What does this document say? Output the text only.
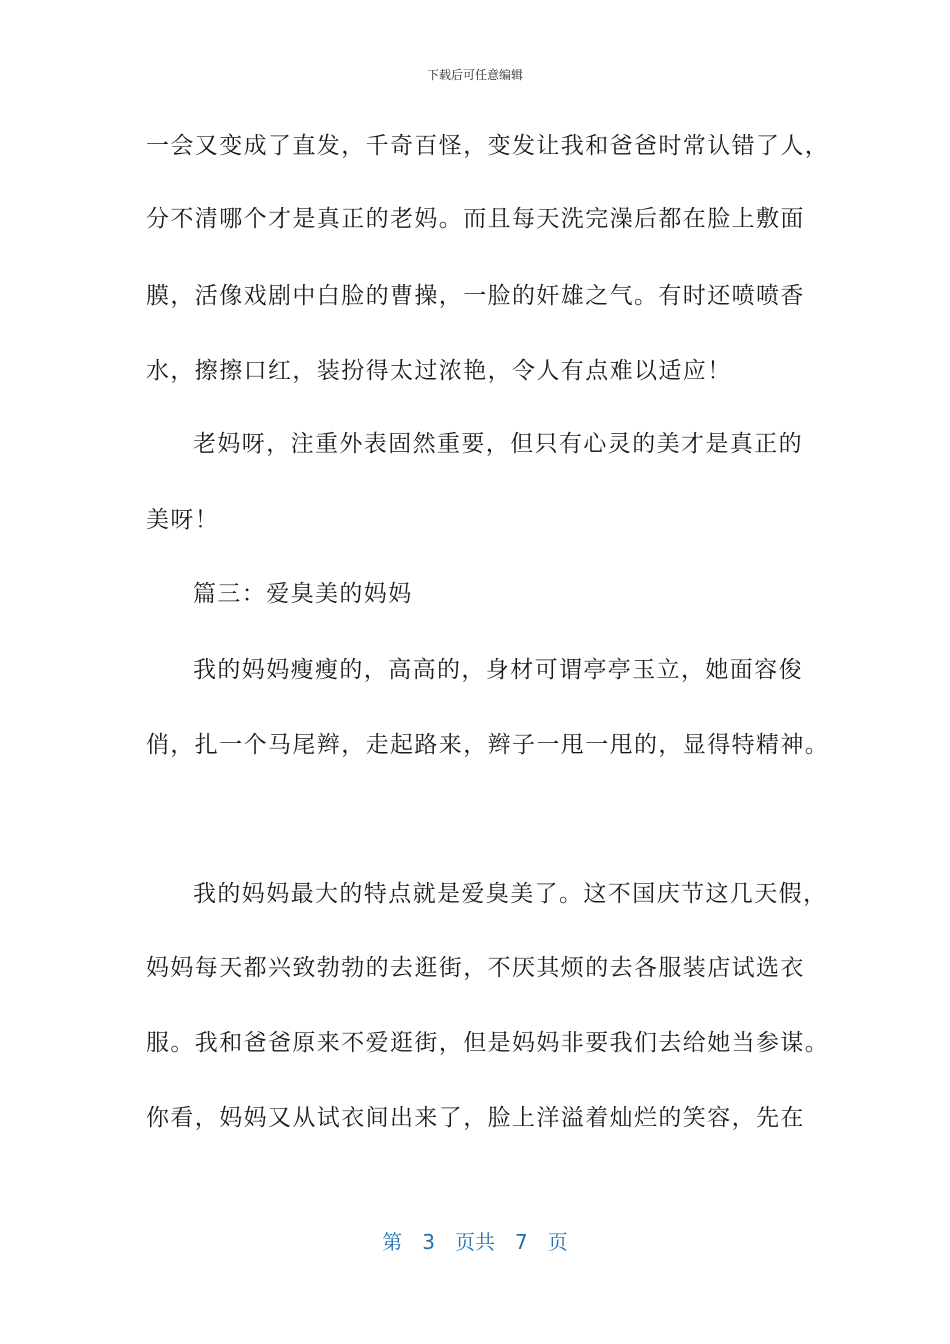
下载后可任意编辑
一会又变成了直发，千奇百怪，变发让我和爸爸时常认错了人，
分不清哪个才是真正的老妈。而且每天洗完澡后都在脸上敷面
膜，活像戏剧中白脸的曹操，一脸的奸雄之气。有时还喷喷香
水，擦擦口红，装扮得太过浓艳，令人有点难以适应！
老妈呀，注重外表固然重要，但只有心灵的美才是真正的
美呀！
篇三：爱臭美的妈妈
我的妈妈瘦瘦的，高高的，身材可谓亭亭玉立，她面容俊
俏，扎一个马尾辫，走起路来，辫子一甩一甩的，显得特精神。
我的妈妈最大的特点就是爱臭美了。这不国庆节这几天假，
妈妈每天都兴致勃勃的去逛街，不厌其烦的去各服装店试选衣
服。我和爸爸原来不爱逛街，但是妈妈非要我们去给她当参谋。
你看，妈妈又从试衣间出来了，脸上洋溢着灿烂的笑容，先在
第 3 页共 7 页
